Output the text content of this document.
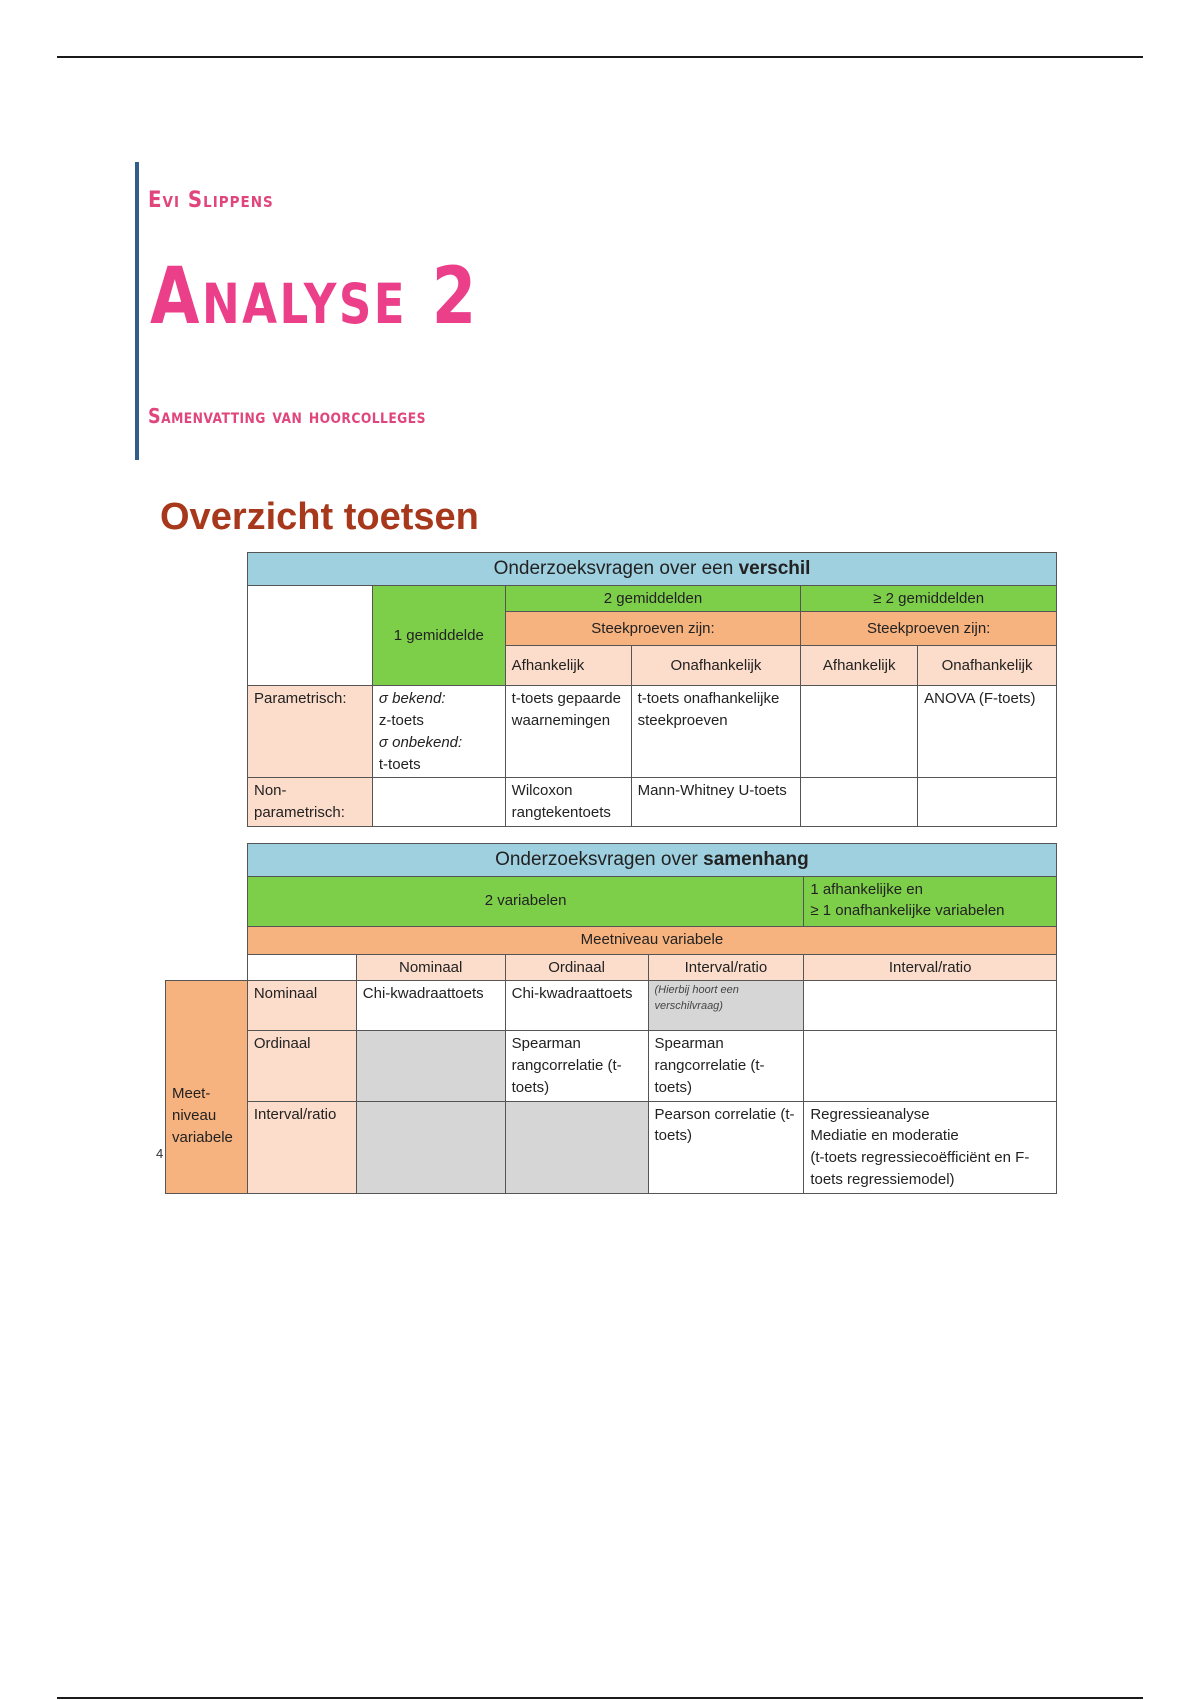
Evi Slippens
Analyse 2
Samenvatting van hoorcolleges
Overzicht toetsen
Onderzoeksvragen over een verschil					
	1 gemiddelde	2 gemiddelden		≥ 2 gemiddelden	
		Steekproeven zijn:		Steekproeven zijn:	
		Afhankelijk	Onafhankelijk	Afhankelijk	Onafhankelijk
Parametrisch:	σ bekend:
z-toets
σ onbekend:
t-toets	t-toets gepaarde waarnemingen	t-toets onafhankelijke steekproeven		ANOVA (F-toets)
Non-parametrisch:		Wilcoxon rangtekentoets	Mann-Whitney U-toets		
	Onderzoeksvragen over samenhang				
	2 variabelen				1 afhankelijke en
≥ 1 onafhankelijke variabelen

	Meetniveau variabele				
		Nominaal	Ordinaal	Interval/ratio	Interval/ratio
Meet-niveau variabele	Nominaal	Chi-kwadraattoets	Chi-kwadraattoets	(Hierbij hoort een verschilvraag)	
	Ordinaal		Spearman rangcorrelatie (t-toets)	Spearman rangcorrelatie (t-toets)	
	Interval/ratio			Pearson correlatie (t-toets)	Regressieanalyse
Mediatie en moderatie
(t-toets regressiecoëfficiënt en F-toets regressiemodel)
4
